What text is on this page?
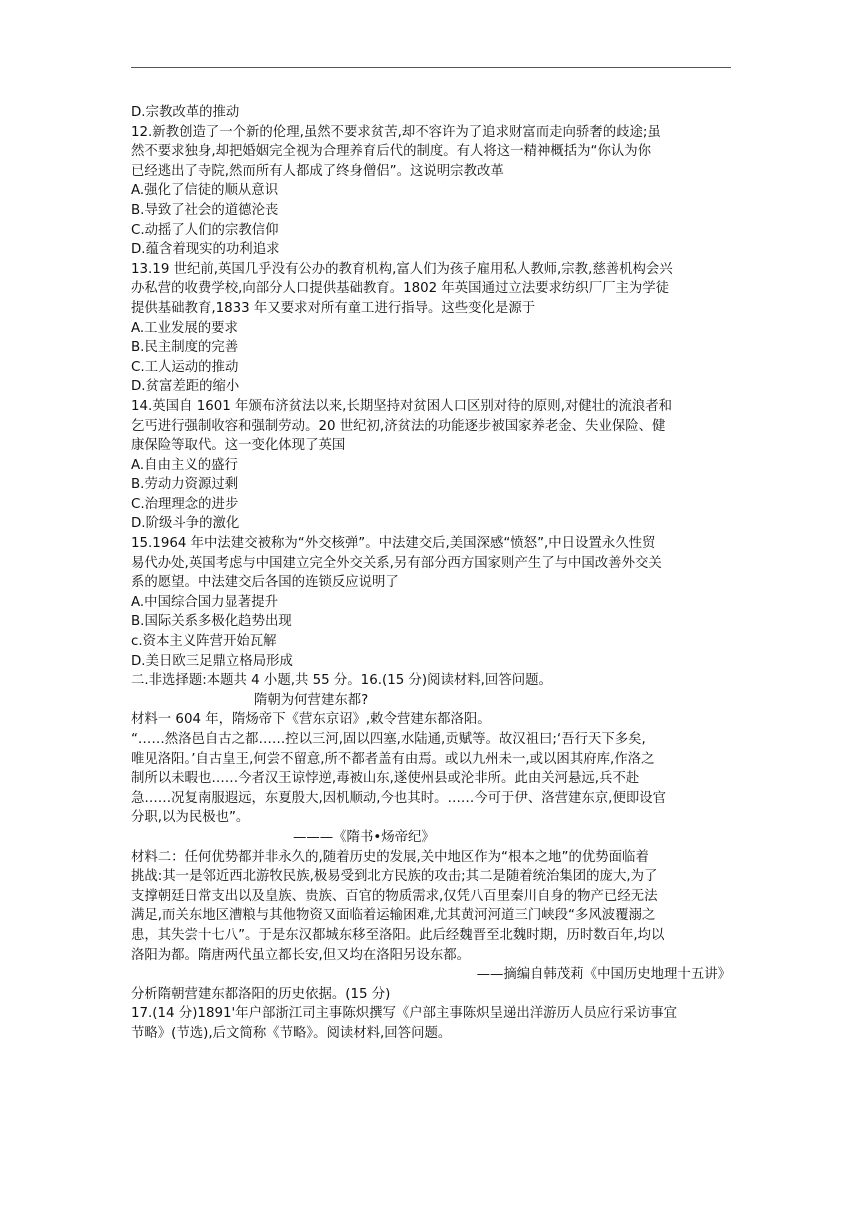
D.宗教改革的推动
12.新教创造了一个新的伦理,虽然不要求贫苦,却不容许为了追求财富而走向骄奢的歧途;虽
然不要求独身,却把婚姻完全视为合理养育后代的制度。有人将这一精神概括为“你认为你
已经逃出了寺院,然而所有人都成了终身僧侣”。这说明宗教改革
A.强化了信徒的顺从意识
B.导致了社会的道德沦丧
C.动摇了人们的宗教信仰
D.蕴含着现实的功利追求
13.19 世纪前,英国几乎没有公办的教育机构,富人们为孩子雇用私人教师,宗教,慈善机构会兴
办私营的收费学校,向部分人口提供基础教育。1802 年英国通过立法要求纺织厂厂主为学徒
提供基础教育,1833 年又要求对所有童工进行指导。这些变化是源于
A.工业发展的要求
B.民主制度的完善
C.工人运动的推动
D.贫富差距的缩小
14.英国自 1601 年颁布济贫法以来,长期坚持对贫困人口区别对待的原则,对健壮的流浪者和
乞丐进行强制收容和强制劳动。20 世纪初,济贫法的功能逐步被国家养老金、失业保险、健
康保险等取代。这一变化体现了英国
A.自由主义的盛行
B.劳动力资源过剩
C.治理理念的进步
D.阶级斗争的激化
15.1964 年中法建交被称为“外交核弹”。中法建交后,美国深感“愤怒”,中日设置永久性贸
易代办处,英国考虑与中国建立完全外交关系,另有部分西方国家则产生了与中国改善外交关
系的愿望。中法建交后各国的连锁反应说明了
A.中国综合国力显著提升
B.国际关系多极化趋势出现
c.资本主义阵营开始瓦解
D.美日欧三足鼎立格局形成
二.非选择题:本题共 4 小题,共 55 分。16.(15 分)阅读材料,回答问题。
隋朝为何营建东都?
材料一 604 年，隋炀帝下《营东京诏》,敕令营建东都洛阳。
“……然洛邑自古之都……控以三河,固以四塞,水陆通,贡赋等。故汉祖曰;‘吾行天下多矣,
唯见洛阳。’自古皇王,何尝不留意,所不都者盖有由焉。或以九州未一,或以困其府库,作洛之
制所以未暇也……今者汉王谅悖逆,毒被山东,遂使州县或沦非所。此由关河悬远,兵不赴
急……况复南服遐远，东夏殷大,因机顺动,今也其时。……今可于伊、洛营建东京,便即设官
分职,以为民极也”。
———《隋书•炀帝纪》
材料二：任何优势都并非永久的,随着历史的发展,关中地区作为“根本之地”的优势面临着
挑战:其一是邻近西北游牧民族,极易受到北方民族的攻击;其二是随着统治集团的庞大,为了
支撑朝廷日常支出以及皇族、贵族、百官的物质需求,仅凭八百里秦川自身的物产已经无法
满足,而关东地区漕粮与其他物资又面临着运输困难,尤其黄河河道三门峡段“多风波覆溺之
患，其失尝十七八”。于是东汉都城东移至洛阳。此后经魏晋至北魏时期，历时数百年,均以
洛阳为都。隋唐两代虽立都长安,但又均在洛阳另设东都。
——摘编自韩茂莉《中国历史地理十五讲》
分析隋朝营建东都洛阳的历史依据。(15 分)
17.(14 分)1891'年户部浙江司主事陈炽撰写《户部主事陈炽呈递出洋游历人员应行采访事宜
节略》(节选),后文简称《节略》。阅读材料,回答问题。
